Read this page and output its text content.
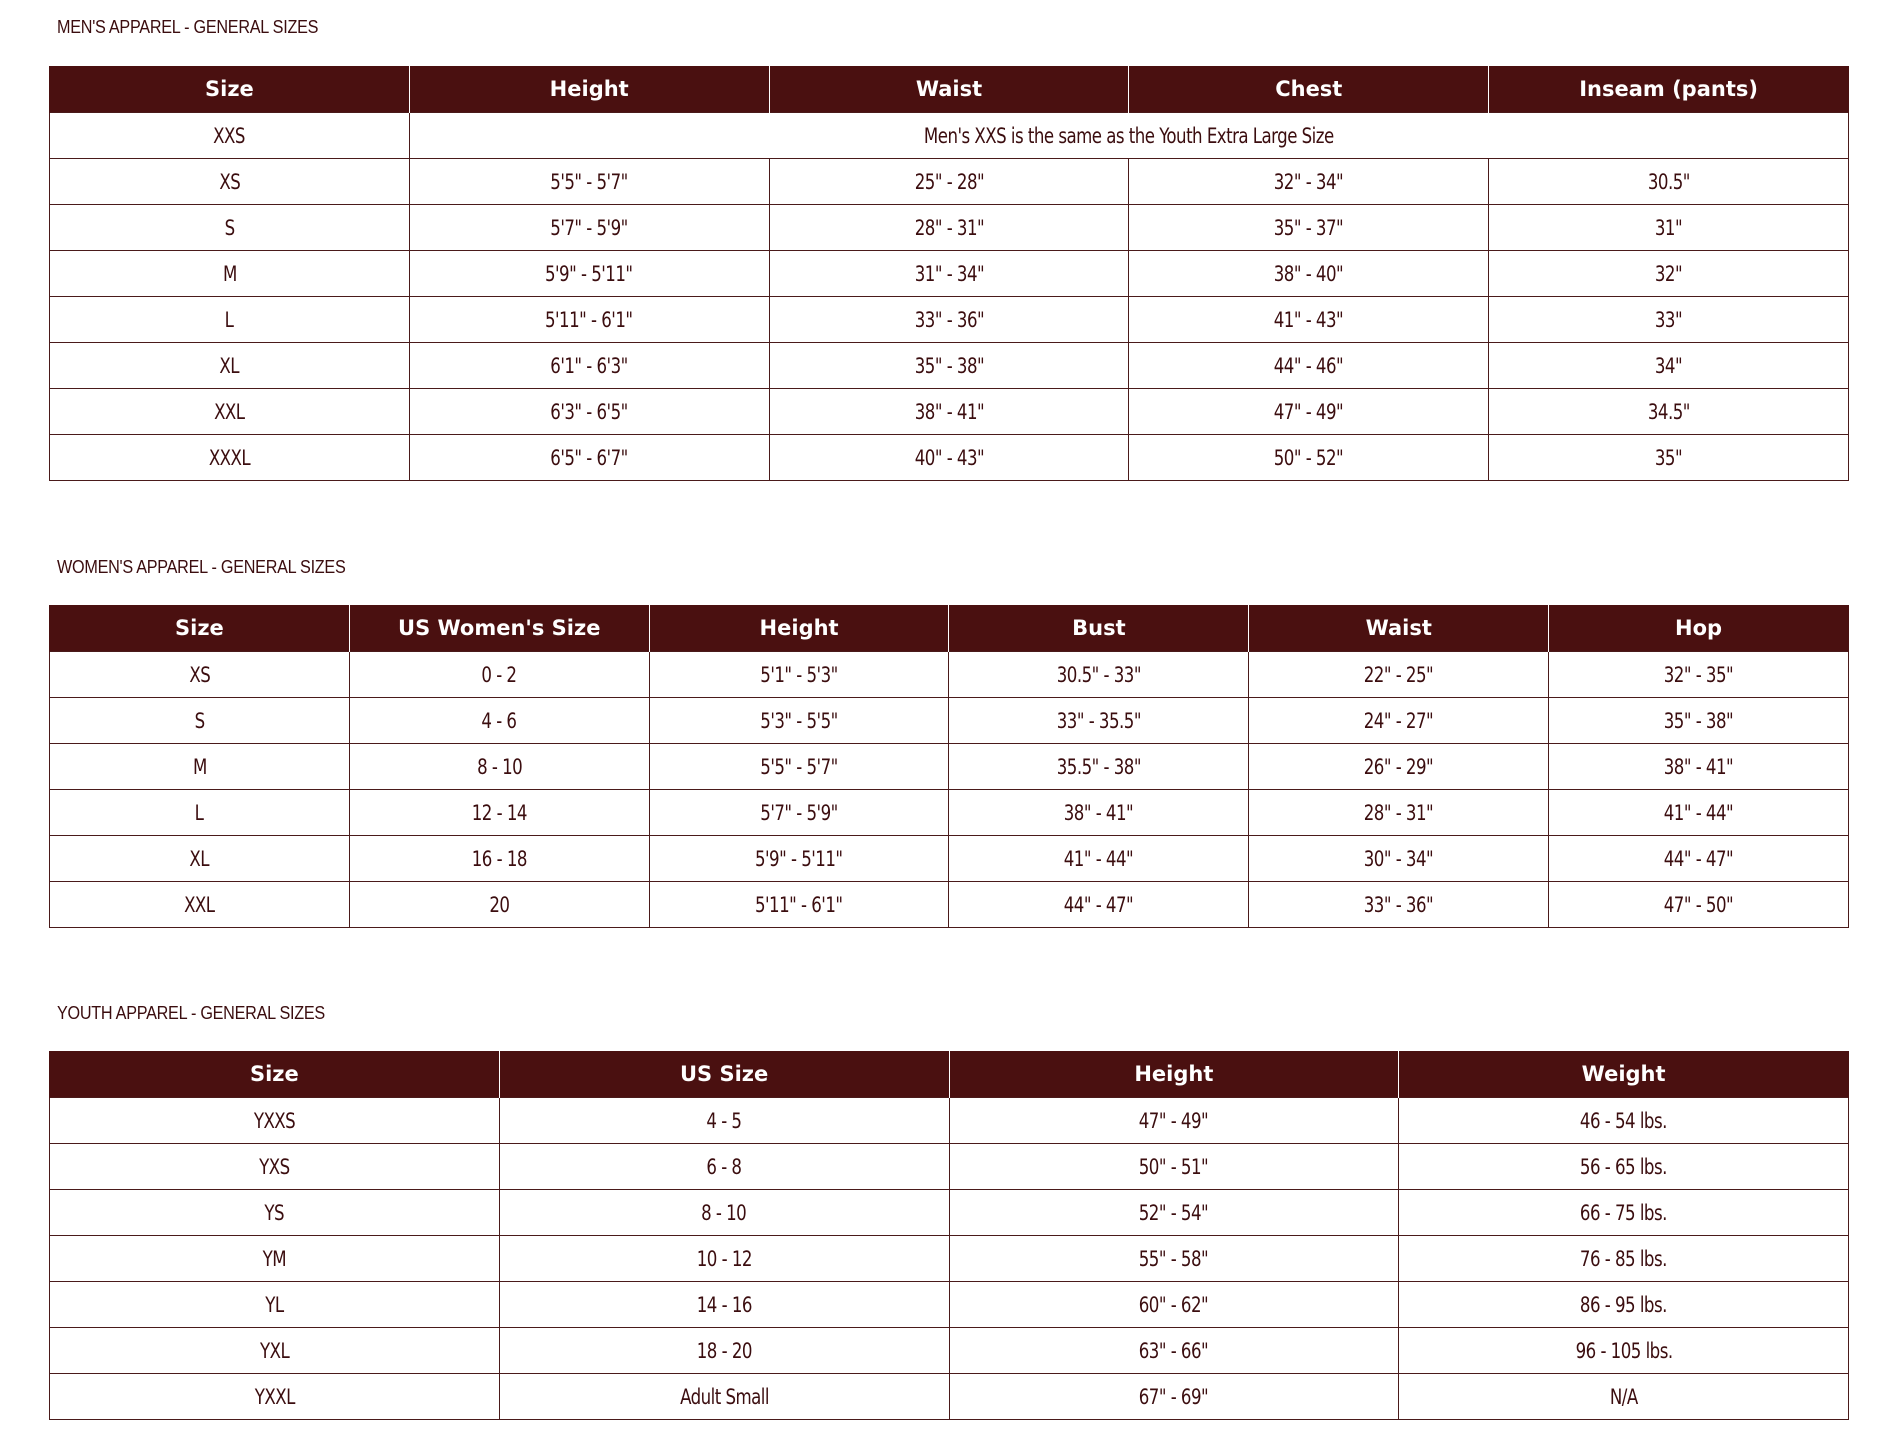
MEN'S APPAREL - GENERAL SIZES
Size	Height	Waist	Chest	Inseam (pants)
XXS	Men's XXS is the same as the Youth Extra Large Size			
XS	5'5" - 5'7"	25" - 28"	32" - 34"	30.5"
S	5'7" - 5'9"	28" - 31"	35" - 37"	31"
M	5'9" - 5'11"	31" - 34"	38" - 40"	32"
L	5'11" - 6'1"	33" - 36"	41" - 43"	33"
XL	6'1" - 6'3"	35" - 38"	44" - 46"	34"
XXL	6'3" - 6'5"	38" - 41"	47" - 49"	34.5"
XXXL	6'5" - 6'7"	40" - 43"	50" - 52"	35"
WOMEN'S APPAREL - GENERAL SIZES
Size	US Women's Size	Height	Bust	Waist	Hop
XS	0 - 2	5'1" - 5'3"	30.5" - 33"	22" - 25"	32" - 35"
S	4 - 6	5'3" - 5'5"	33" - 35.5"	24" - 27"	35" - 38"
M	8 - 10	5'5" - 5'7"	35.5" - 38"	26" - 29"	38" - 41"
L	12 - 14	5'7" - 5'9"	38" - 41"	28" - 31"	41" - 44"
XL	16 - 18	5'9" - 5'11"	41" - 44"	30" - 34"	44" - 47"
XXL	20	5'11" - 6'1"	44" - 47"	33" - 36"	47" - 50"
YOUTH APPAREL - GENERAL SIZES
Size	US Size	Height	Weight
YXXS	4 - 5	47" - 49"	46 - 54 lbs.
YXS	6 - 8	50" - 51"	56 - 65 lbs.
YS	8 - 10	52" - 54"	66 - 75 lbs.
YM	10 - 12	55" - 58"	76 - 85 lbs.
YL	14 - 16	60" - 62"	86 - 95 lbs.
YXL	18 - 20	63" - 66"	96 - 105 lbs.
YXXL	Adult Small	67" - 69"	N/A
